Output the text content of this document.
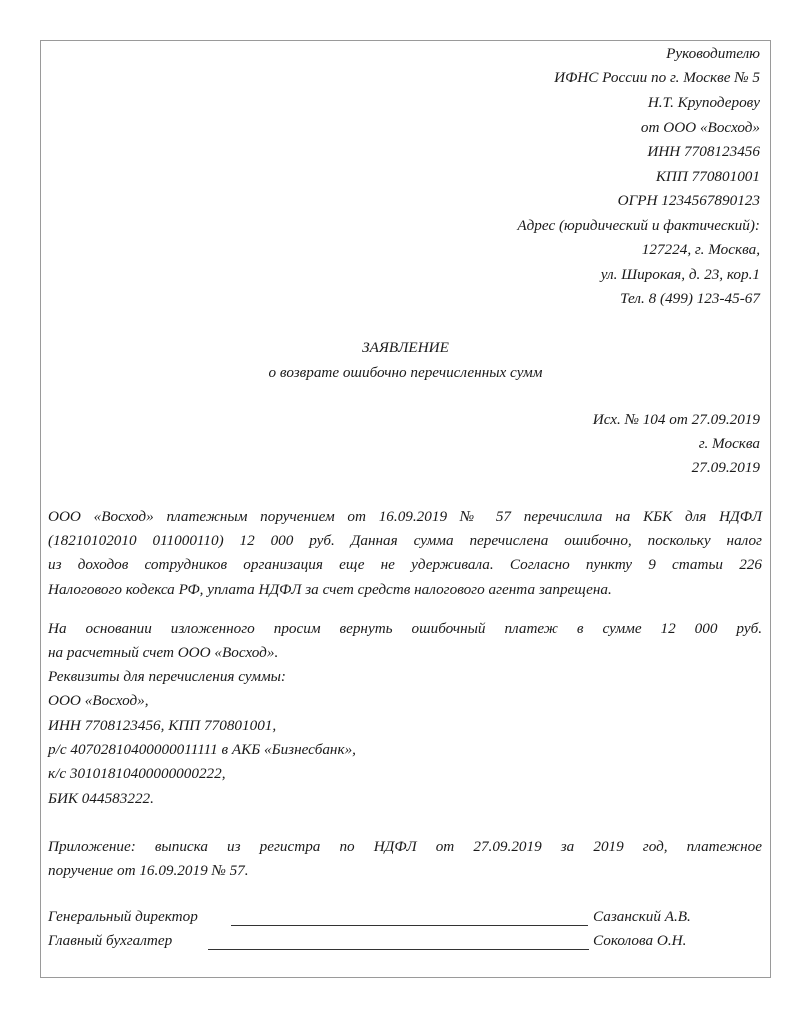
Руководителю
ИФНС России по г. Москве № 5
Н.Т. Круподерову
от ООО «Восход»
ИНН 7708123456
КПП 770801001
ОГРН 1234567890123
Адрес (юридический и фактический):
127224, г. Москва,
ул. Широкая, д. 23, кор.1
Тел. 8 (499) 123-45-67
ЗАЯВЛЕНИЕ
о возврате ошибочно перечисленных сумм
Исх. № 104 от 27.09.2019
г. Москва
27.09.2019
ООО «Восход» платежным поручением от 16.09.2019 № 57 перечислила на КБК для НДФЛ
(18210102010 011000110) 12 000 руб. Данная сумма перечислена ошибочно, поскольку налог
из доходов сотрудников организация еще не удерживала. Согласно пункту 9 статьи 226
Налогового кодекса РФ, уплата НДФЛ за счет средств налогового агента запрещена.
На основании изложенного просим вернуть ошибочный платеж в сумме 12 000 руб.
на расчетный счет ООО «Восход».
Реквизиты для перечисления суммы:
ООО «Восход»,
ИНН 7708123456, КПП 770801001,
р/с 40702810400000011111 в АКБ «Бизнесбанк»,
к/с 30101810400000000222,
БИК 044583222.
Приложение: выписка из регистра по НДФЛ от 27.09.2019 за 2019 год, платежное
поручение от 16.09.2019 № 57.
Генеральный директор	Сазанский А.В.
Главный бухгалтер	Соколова О.Н.
